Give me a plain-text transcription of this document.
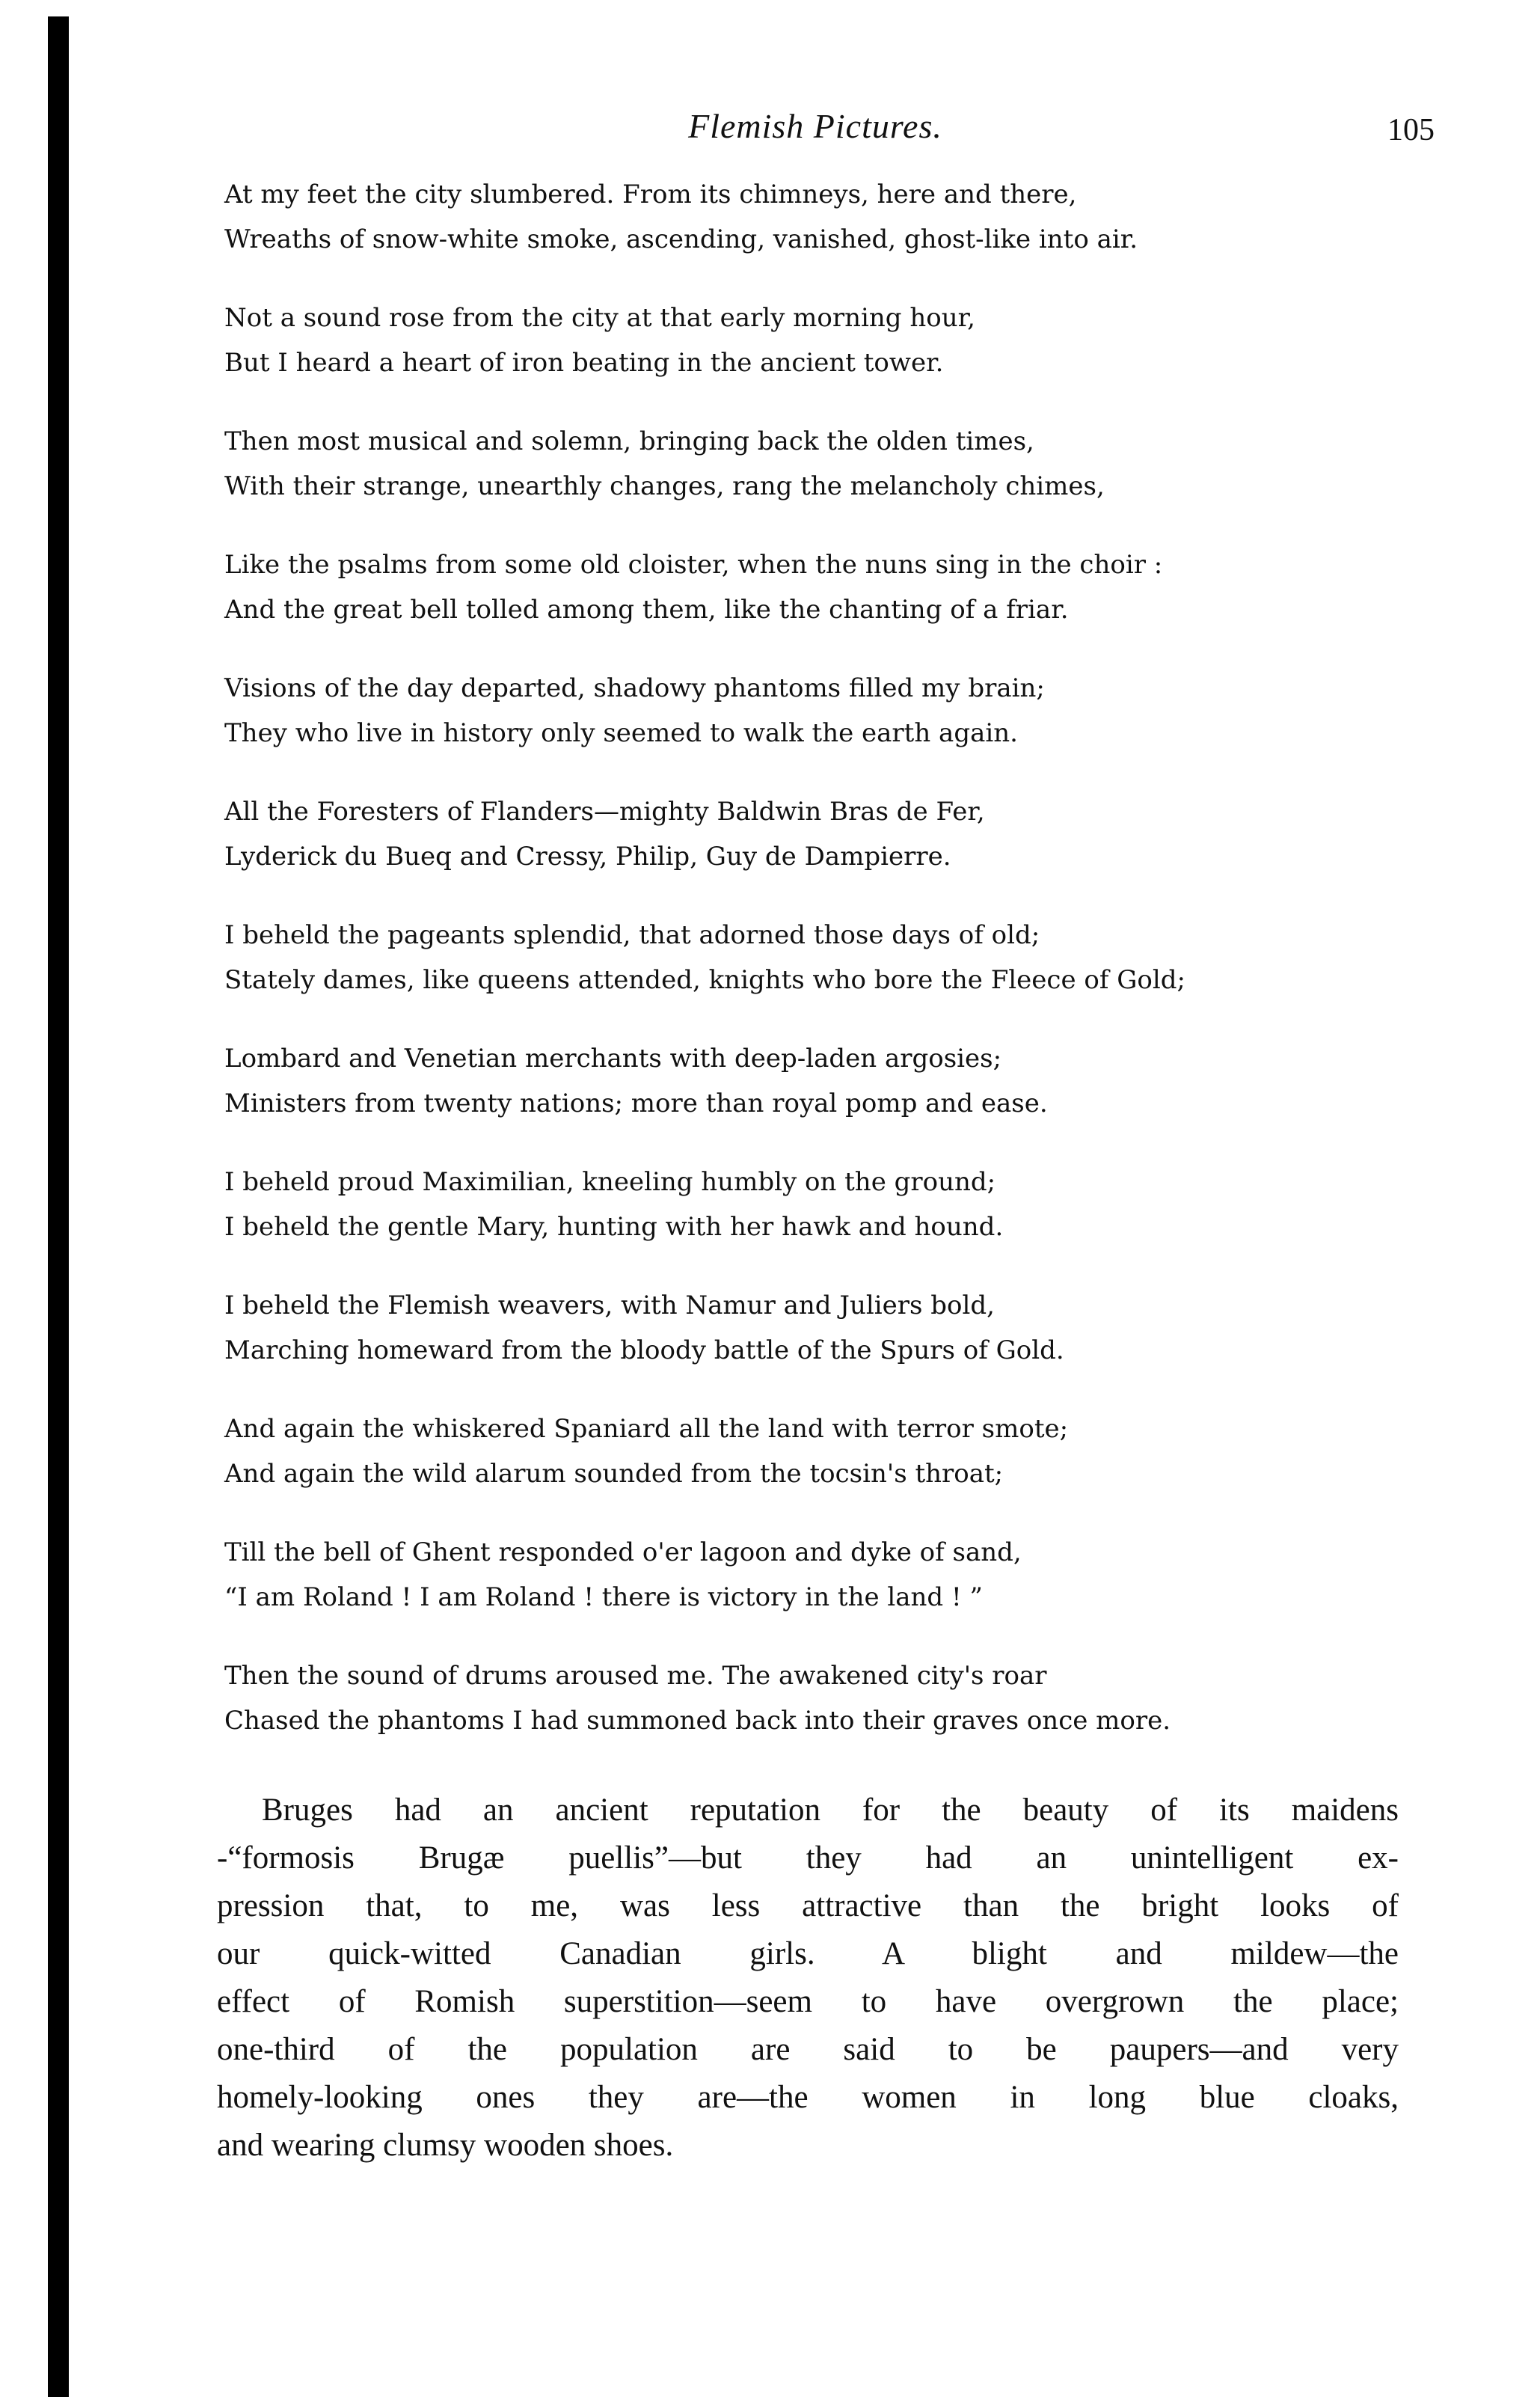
Flemish Pictures.	105
At my feet the city slumbered. From its chimneys, here and there,
Wreaths of snow-white smoke, ascending, vanished, ghost-like into air.
Not a sound rose from the city at that early morning hour,
But I heard a heart of iron beating in the ancient tower.
Then most musical and solemn, bringing back the olden times,
With their strange, unearthly changes, rang the melancholy chimes,
Like the psalms from some old cloister, when the nuns sing in the choir :
And the great bell tolled among them, like the chanting of a friar.
Visions of the day departed, shadowy phantoms filled my brain;
They who live in history only seemed to walk the earth again.
All the Foresters of Flanders—mighty Baldwin Bras de Fer,
Lyderick du Bueq and Cressy, Philip, Guy de Dampierre.
I beheld the pageants splendid, that adorned those days of old;
Stately dames, like queens attended, knights who bore the Fleece of Gold;
Lombard and Venetian merchants with deep-laden argosies;
Ministers from twenty nations; more than royal pomp and ease.
I beheld proud Maximilian, kneeling humbly on the ground;
I beheld the gentle Mary, hunting with her hawk and hound.
I beheld the Flemish weavers, with Namur and Juliers bold,
Marching homeward from the bloody battle of the Spurs of Gold.
And again the whiskered Spaniard all the land with terror smote;
And again the wild alarum sounded from the tocsin's throat;
Till the bell of Ghent responded o'er lagoon and dyke of sand,
“I am Roland ! I am Roland ! there is victory in the land ! ”
Then the sound of drums aroused me. The awakened city's roar
Chased the phantoms I had summoned back into their graves once more.
Bruges had an ancient reputation for the beauty of its maidens
-“formosis Brugæ puellis”—but they had an unintelligent ex-
pression that, to me, was less attractive than the bright looks of
our quick-witted Canadian girls. A blight and mildew—the
effect of Romish superstition—seem to have overgrown the place;
one-third of the population are said to be paupers—and very
homely-looking ones they are—the women in long blue cloaks,
and wearing clumsy wooden shoes.
